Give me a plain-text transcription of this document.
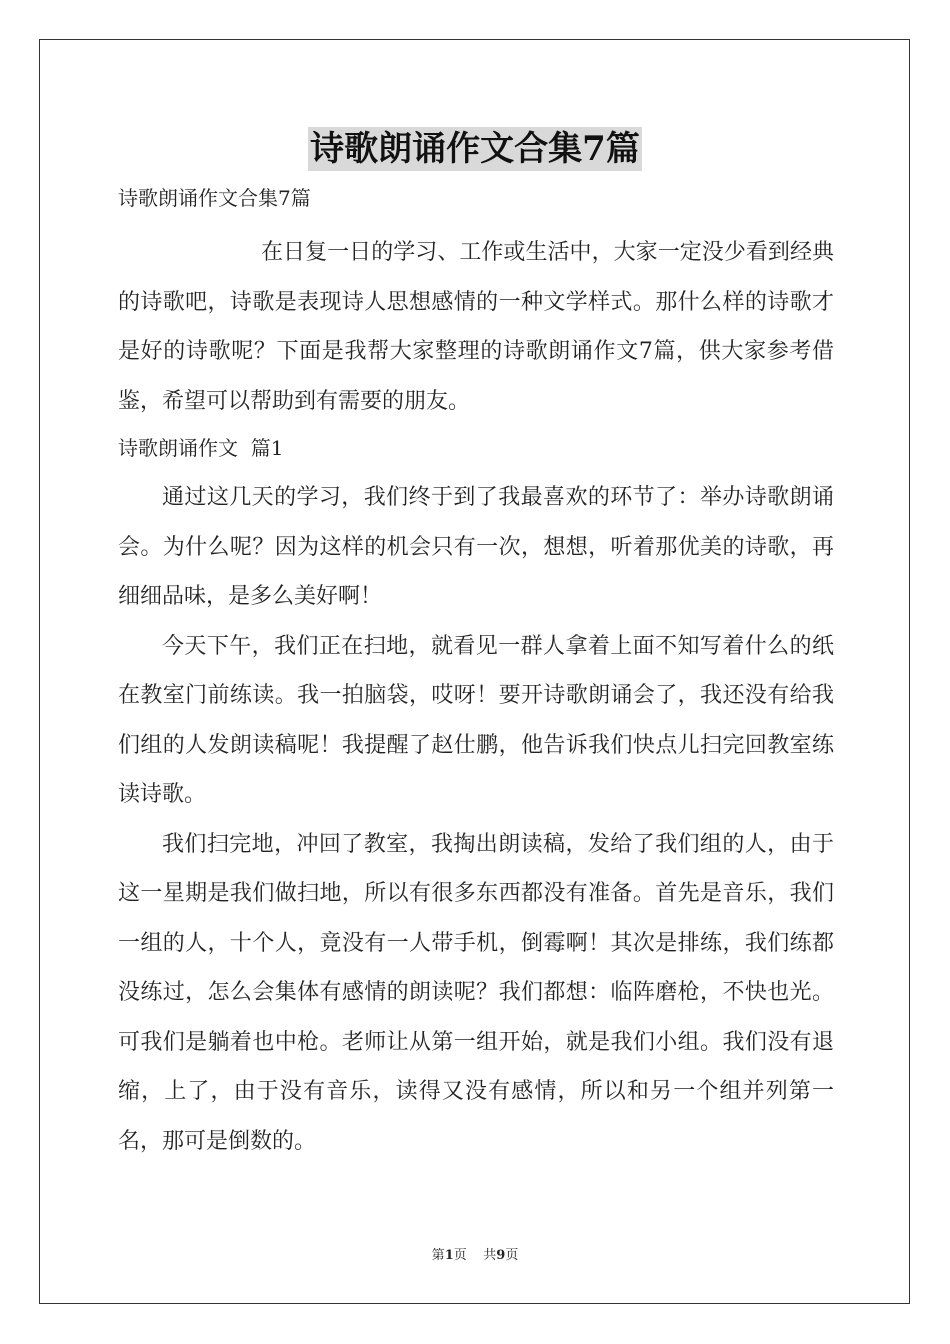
诗歌朗诵作文合集7篇
诗歌朗诵作文合集7篇
在日复一日的学习、工作或生活中，大家一定没少看到经典的诗歌吧，诗歌是表现诗人思想感情的一种文学样式。那什么样的诗歌才是好的诗歌呢？下面是我帮大家整理的诗歌朗诵作文7篇，供大家参考借鉴，希望可以帮助到有需要的朋友。
诗歌朗诵作文  篇1

通过这几天的学习，我们终于到了我最喜欢的环节了：举办诗歌朗诵会。为什么呢？因为这样的机会只有一次，想想，听着那优美的诗歌，再细细品味，是多么美好啊！

今天下午，我们正在扫地，就看见一群人拿着上面不知写着什么的纸在教室门前练读。我一拍脑袋，哎呀！要开诗歌朗诵会了，我还没有给我们组的人发朗读稿呢！我提醒了赵仕鹏，他告诉我们快点儿扫完回教室练读诗歌。

我们扫完地，冲回了教室，我掏出朗读稿，发给了我们组的人，由于这一星期是我们做扫地，所以有很多东西都没有准备。首先是音乐，我们一组的人，十个人，竟没有一人带手机，倒霉啊！其次是排练，我们练都没练过，怎么会集体有感情的朗读呢？我们都想：临阵磨枪，不快也光。可我们是躺着也中枪。老师让从第一组开始，就是我们小组。我们没有退缩，上了，由于没有音乐，读得又没有感情，所以和另一个组并列第一名，那可是倒数的。

第1页    共9页
